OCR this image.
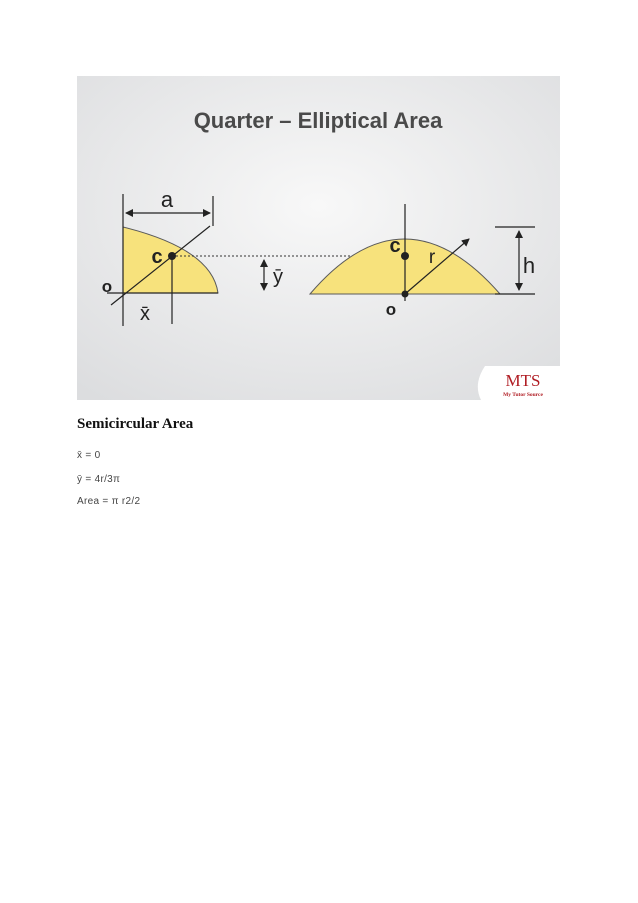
Quarter – Elliptical Area
a
c
o
x̄
ȳ
c
r
o
h
MTS
My Tutor Source
Semicircular Area

x̄ = 0

ȳ = 4r/3π

Area = π r2/2
